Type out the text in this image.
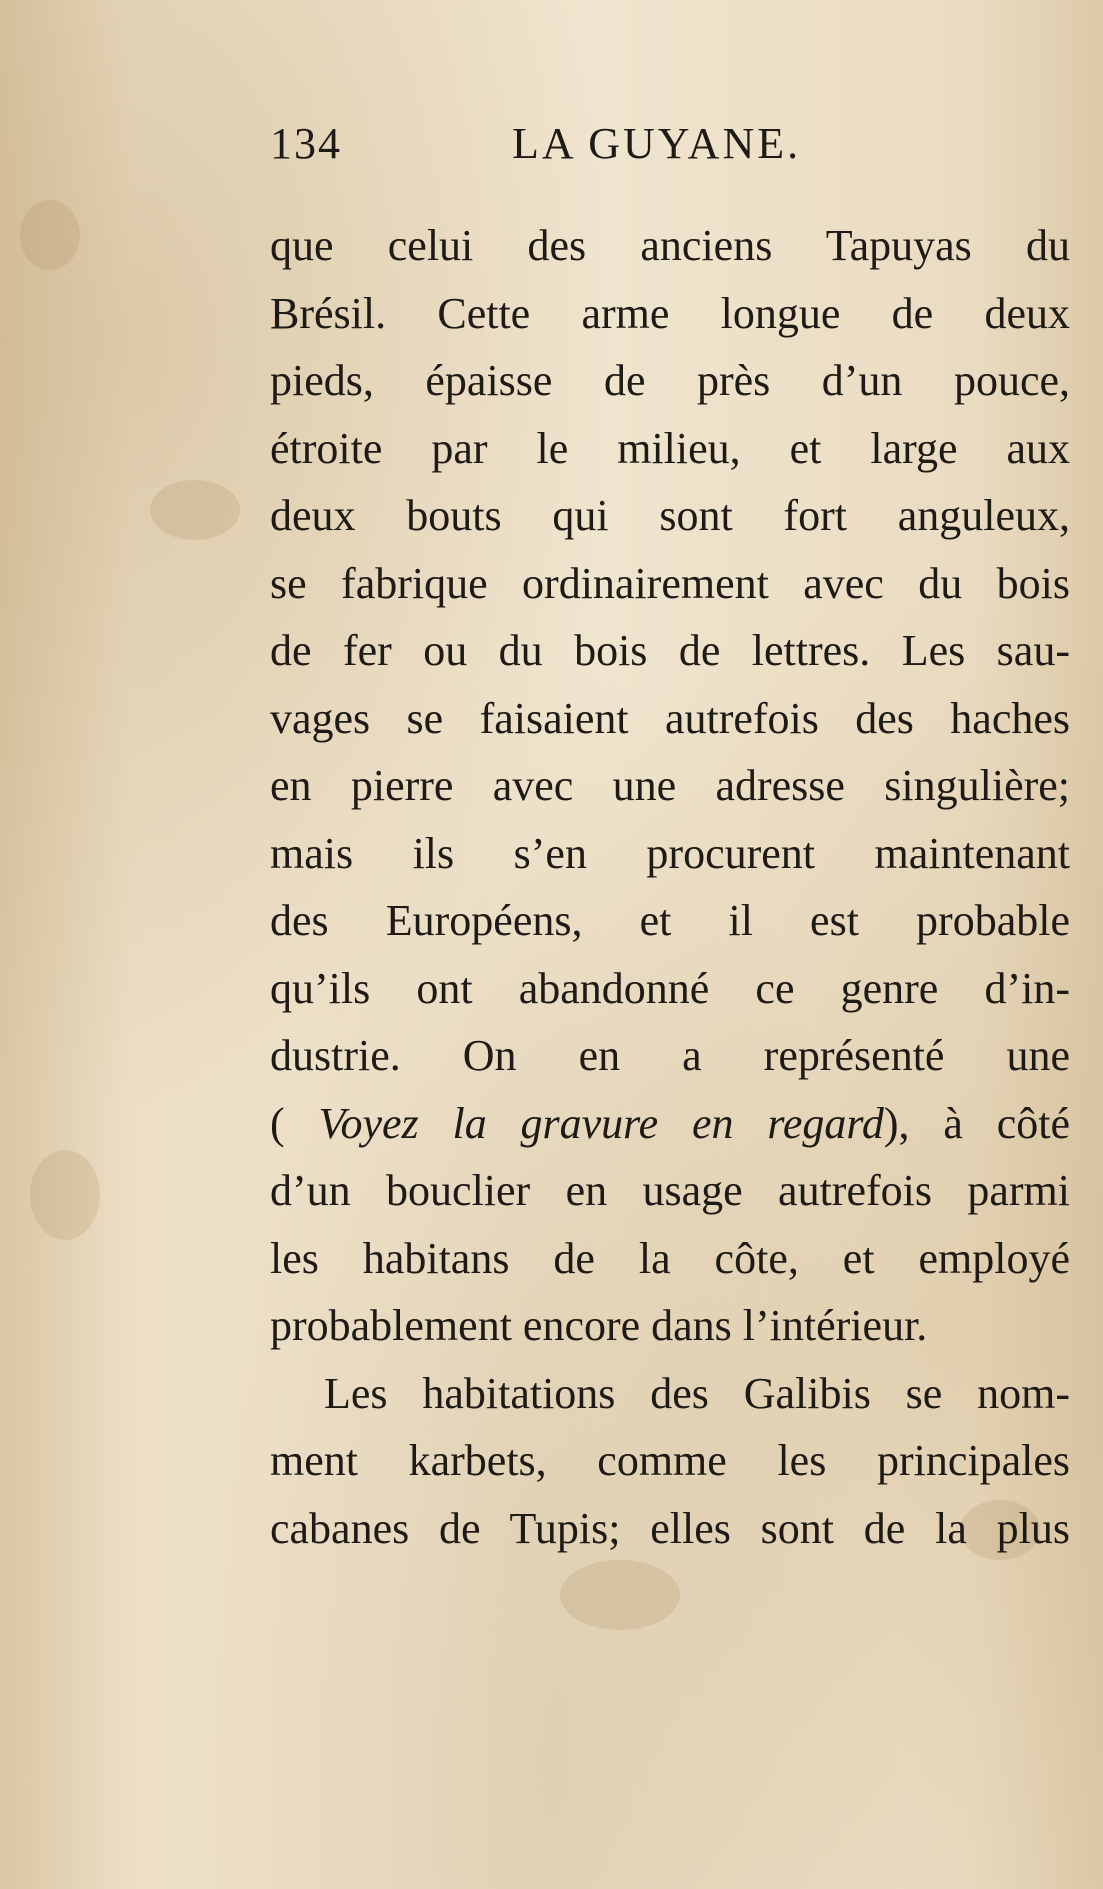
134	LA GUYANE.
que celui des anciens Tapuyas du
Brésil. Cette arme longue de deux
pieds, épaisse de près d’un pouce,
étroite par le milieu, et large aux
deux bouts qui sont fort anguleux,
se fabrique ordinairement avec du bois
de fer ou du bois de lettres. Les sau-
vages se faisaient autrefois des haches
en pierre avec une adresse singulière;
mais ils s’en procurent maintenant
des Européens, et il est probable
qu’ils ont abandonné ce genre d’in-
dustrie. On en a représenté une
( Voyez la gravure en regard), à côté
d’un bouclier en usage autrefois parmi
les habitans de la côte, et employé
probablement encore dans l’intérieur.
Les habitations des Galibis se nom-
ment karbets, comme les principales
cabanes de Tupis; elles sont de la plus
